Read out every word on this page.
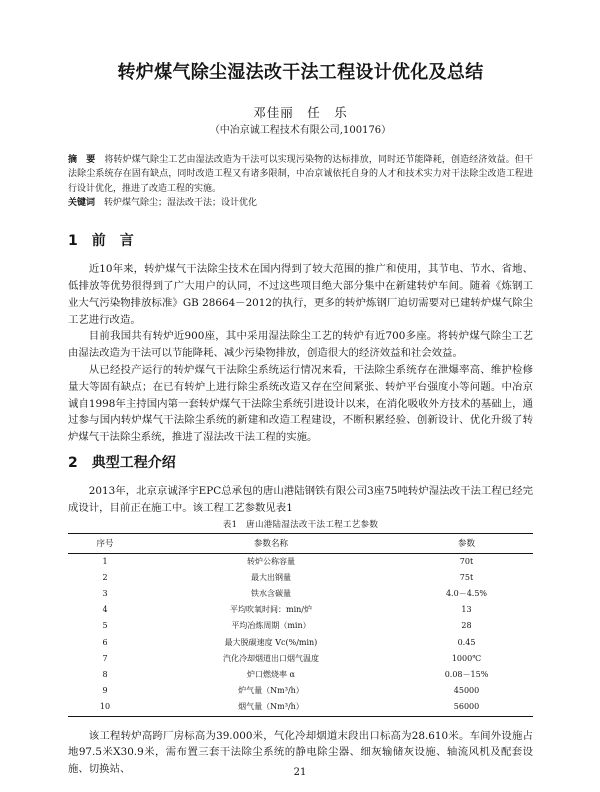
转炉煤气除尘湿法改干法工程设计优化及总结
邓佳丽　任　乐
（中冶京诚工程技术有限公司,100176）

摘　要 将转炉煤气除尘工艺由湿法改造为干法可以实现污染物的达标排放，同时还节能降耗，创造经济效益。但干法除尘系统存在固有缺点，同时改造工程又有诸多限制，中冶京诚依托自身的人才和技术实力对干法除尘改造工程进行设计优化，推进了改造工程的实施。

关键词 转炉煤气除尘；湿法改干法；设计优化

1 前　言

近10年来，转炉煤气干法除尘技术在国内得到了较大范围的推广和使用，其节电、节水、省地、低排放等优势很得到了广大用户的认同，不过这些项目绝大部分集中在新建转炉车间。随着《炼钢工业大气污染物排放标准》GB 28664－2012的执行，更多的转炉炼钢厂迫切需要对已建转炉煤气除尘工艺进行改造。

目前我国共有转炉近900座，其中采用湿法除尘工艺的转炉有近700多座。将转炉煤气除尘工艺由湿法改造为干法可以节能降耗、减少污染物排放，创造很大的经济效益和社会效益。

从已经投产运行的转炉煤气干法除尘系统运行情况来看，干法除尘系统存在泄爆率高、维护检修量大等固有缺点；在已有转炉上进行除尘系统改造又存在空间紧张、转炉平台强度小等问题。中冶京诚自1998年主持国内第一套转炉煤气干法除尘系统引进设计以来，在消化吸收外方技术的基础上，通过参与国内转炉煤气干法除尘系统的新建和改造工程建设，不断积累经验、创新设计、优化升级了转炉煤气干法除尘系统，推进了湿法改干法工程的实施。

2 典型工程介绍

2013年，北京京诚泽宇EPC总承包的唐山港陆钢铁有限公司3座75吨转炉湿法改干法工程已经完成设计，目前正在施工中。该工程工艺参数见表1

表1　唐山港陆湿法改干法工程工艺参数
序号	参数名称	参数
1	转炉公称容量	70t
2	最大出钢量	75t
3	铁水含碳量	4.0－4.5%
4	平均吹氧时间：min/炉	13
5	平均冶炼周期（min）	28
6	最大脱碳速度 Vc(%/min)	0.45
7	汽化冷却烟道出口烟气温度	1000℃
8	炉口燃烧率 α	0.08－15%
9	炉气量（Nm³/h）	45000
10	烟气量（Nm³/h）	56000

该工程转炉高跨厂房标高为39.000米，气化冷却烟道末段出口标高为28.610米。车间外设施占地97.5米X30.9米，需布置三套干法除尘系统的静电除尘器、细灰输储灰设施、轴流风机及配套设施、切换站、	21
